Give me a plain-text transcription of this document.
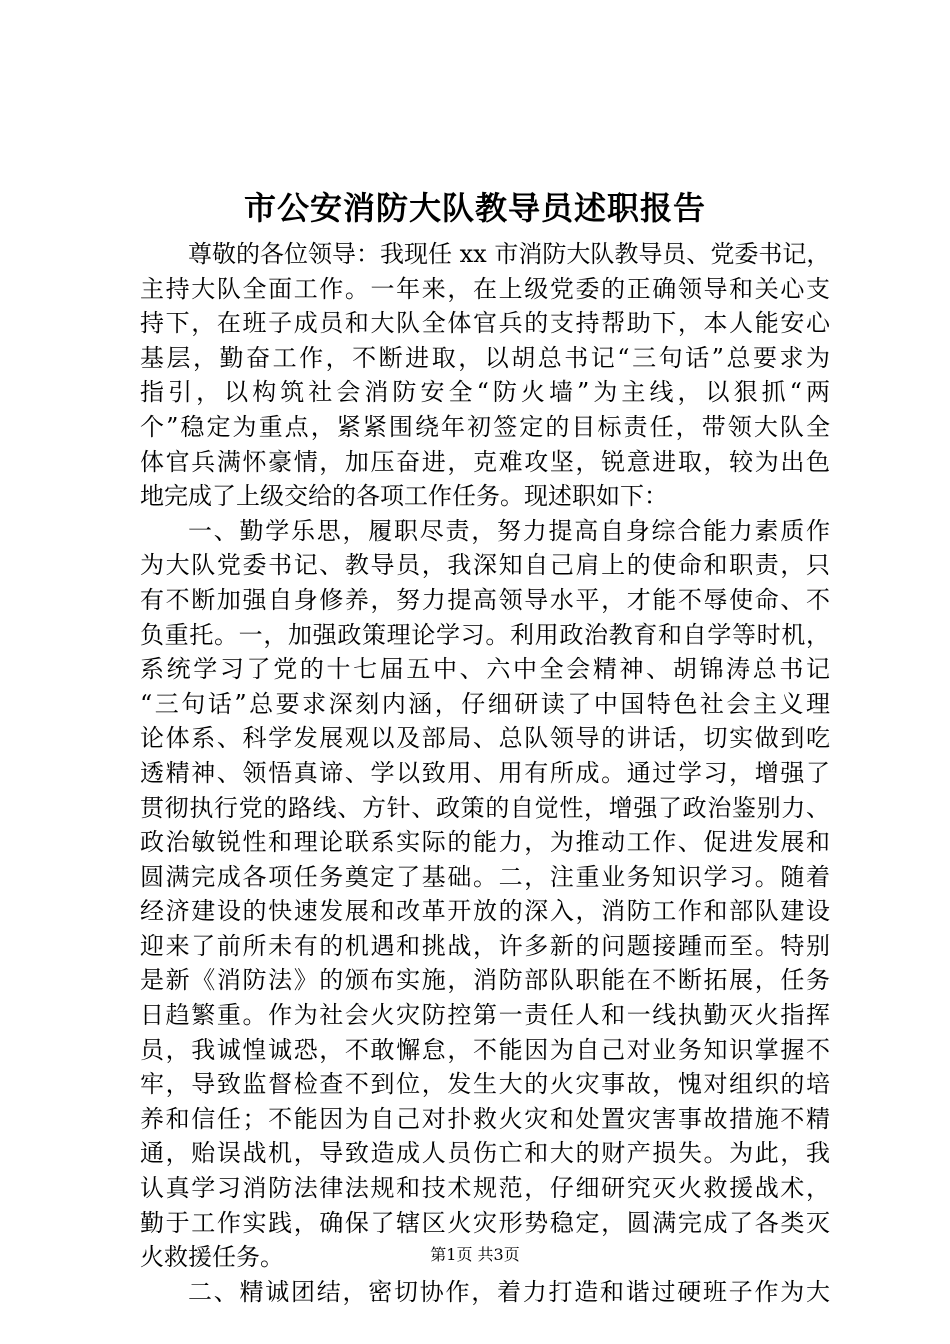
市公安消防大队教导员述职报告
尊敬的各位领导：我现任 xx 市消防大队教导员、党委书记，
主持大队全面工作。一年来，在上级党委的正确领导和关心支
持下，在班子成员和大队全体官兵的支持帮助下，本人能安心
基层，勤奋工作，不断进取，以胡总书记“三句话”总要求为
指引，以构筑社会消防安全“防火墙”为主线，以狠抓“两
个”稳定为重点，紧紧围绕年初签定的目标责任，带领大队全
体官兵满怀豪情，加压奋进，克难攻坚，锐意进取，较为出色
地完成了上级交给的各项工作任务。现述职如下：
一、勤学乐思，履职尽责，努力提高自身综合能力素质作
为大队党委书记、教导员，我深知自己肩上的使命和职责，只
有不断加强自身修养，努力提高领导水平，才能不辱使命、不
负重托。一，加强政策理论学习。利用政治教育和自学等时机，
系统学习了党的十七届五中、六中全会精神、胡锦涛总书记
“三句话”总要求深刻内涵，仔细研读了中国特色社会主义理
论体系、科学发展观以及部局、总队领导的讲话，切实做到吃
透精神、领悟真谛、学以致用、用有所成。通过学习，增强了
贯彻执行党的路线、方针、政策的自觉性，增强了政治鉴别力、
政治敏锐性和理论联系实际的能力，为推动工作、促进发展和
圆满完成各项任务奠定了基础。二，注重业务知识学习。随着
经济建设的快速发展和改革开放的深入，消防工作和部队建设
迎来了前所未有的机遇和挑战，许多新的问题接踵而至。特别
是新《消防法》的颁布实施，消防部队职能在不断拓展，任务
日趋繁重。作为社会火灾防控第一责任人和一线执勤灭火指挥
员，我诚惶诚恐，不敢懈怠，不能因为自己对业务知识掌握不
牢，导致监督检查不到位，发生大的火灾事故，愧对组织的培
养和信任；不能因为自己对扑救火灾和处置灾害事故措施不精
通，贻误战机，导致造成人员伤亡和大的财产损失。为此，我
认真学习消防法律法规和技术规范，仔细研究灭火救援战术，
勤于工作实践，确保了辖区火灾形势稳定，圆满完成了各类灭
火救援任务。
二、精诚团结，密切协作，着力打造和谐过硬班子作为大
第1页 共3页
